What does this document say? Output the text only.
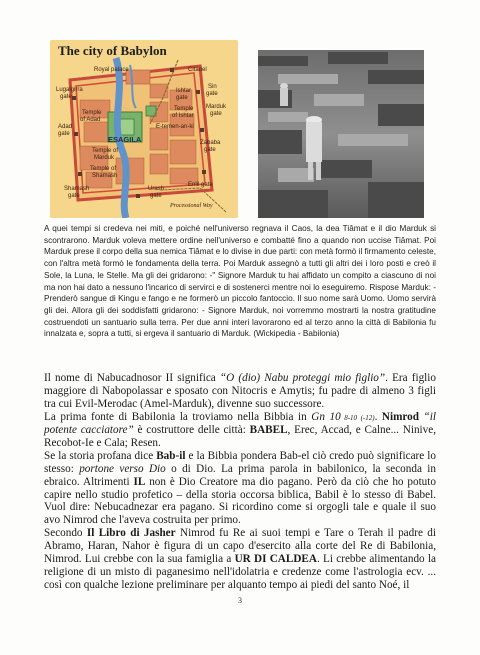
The city of Babylon
Royal palace	Citadel
Lugalgirra
gate
Temple
of Adad
Ishtar
gate
Sin
gate
Temple
of Ishtar
Marduk
gate
Adad
gate
ESAGILA
E-temen-an-ki
Temple of
Marduk
Zababa
gate
Temple of
Shamash
Shamash
gate
Urash
gate
Enlil gate
Processional Way
A quei tempi si credeva nei miti, e poiché nell'universo regnava il Caos, la dea Tiâmat e il dio Marduk si scontrarono. Marduk voleva mettere ordine nell'universo e combatté fino a quando non uccise Tiâmat. Poi Marduk prese il corpo della sua nemica Tiâmat e lo divise in due parti: con metà formò il firmamento celeste, con l'altra metà formò le fondamenta della terra. Poi Marduk assegnò a tutti gli altri dei i loro posti e creò il Sole, la Luna, le Stelle. Ma gli dei gridarono: -" Signore Marduk tu hai affidato un compito a ciascuno di noi ma non hai dato a nessuno l'incarico di servirci e di sostenerci mentre noi lo eseguiremo. Rispose Marduk: - Prenderò sangue di Kingu e fango e ne formerò un piccolo fantoccio. Il suo nome sarà Uomo. Uomo servirà gli dei. Allora gli dei soddisfatti gridarono: - Signore Marduk, noi vorremmo mostrarti la nostra gratitudine costruendoti un santuario sulla terra. Per due anni interi lavorarono ed al terzo anno la città di Babilonia fu innalzata e, sopra a tutti, si ergeva il santuario di Marduk. (Wickipedia - Babilonia)

Il nome di Nabucadnosor II significa “O (dio) Nabu proteggi mio figlio”. Era figlio maggiore di Nabopolassar e sposato con Nitocris e Amytis; fu padre di almeno 3 figli tra cui Evil-Merodac (Amel-Marduk), divenne suo successore.

La prima fonte di Babilonia la troviamo nella Bibbia in Gn 10 8-10 (-12). Nimrod “il potente cacciatore” è costruttore delle città: BABEL, Erec, Accad, e Calne... Ninive, Recobot-Ie e Cala; Resen.

Se la storia profana dice Bab-il e la Bibbia pondera Bab-el ciò credo può significare lo stesso: portone verso Dio o di Dio. La prima parola in babilonico, la seconda in ebraico. Altrimenti IL non è Dio Creatore ma dio pagano. Però da ciò che ho potuto capire nello studio profetico – della storia occorsa biblica, Babil è lo stesso di Babel. Vuol dire: Nebucadnezar era pagano. Si ricordino come si orgogli tale e quale il suo avo Nimrod che l'aveva costruita per primo.

Secondo Il Libro di Jasher Nimrod fu Re ai suoi tempi e Tare o Terah il padre di Abramo, Haran, Nahor è figura di un capo d'esercito alla corte del Re di Babilonia, Nimrod. Lui crebbe con la sua famiglia a UR DI CALDEA. Li crebbe alimentando la religione di un misto di paganesimo nell'idolatria e credenze come l'astrologia ecv. ... così con qualche lezione preliminare per alquanto tempo ai piedi del santo Noé, il

3
